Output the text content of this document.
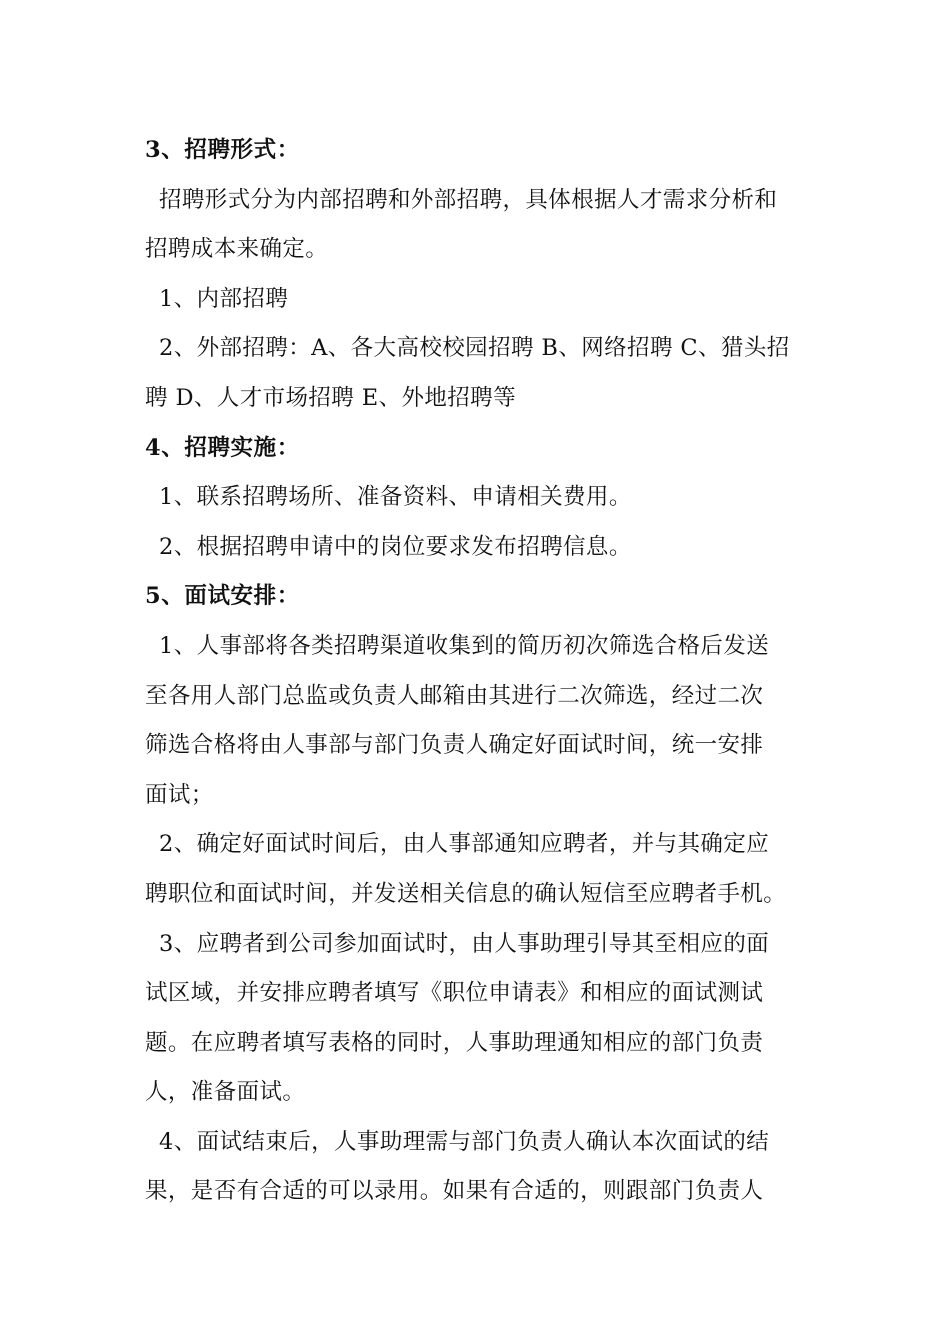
3、招聘形式：
招聘形式分为内部招聘和外部招聘，具体根据人才需求分析和
招聘成本来确定。
1、内部招聘
2、外部招聘：A、各大高校校园招聘 B、网络招聘 C、猎头招
聘 D、人才市场招聘 E、外地招聘等
4、招聘实施：
1、联系招聘场所、准备资料、申请相关费用。
2、根据招聘申请中的岗位要求发布招聘信息。
5、面试安排：
1、人事部将各类招聘渠道收集到的简历初次筛选合格后发送
至各用人部门总监或负责人邮箱由其进行二次筛选，经过二次
筛选合格将由人事部与部门负责人确定好面试时间，统一安排
面试；
2、确定好面试时间后，由人事部通知应聘者，并与其确定应
聘职位和面试时间，并发送相关信息的确认短信至应聘者手机。
3、应聘者到公司参加面试时，由人事助理引导其至相应的面
试区域，并安排应聘者填写《职位申请表》和相应的面试测试
题。在应聘者填写表格的同时，人事助理通知相应的部门负责
人，准备面试。
4、面试结束后，人事助理需与部门负责人确认本次面试的结
果，是否有合适的可以录用。如果有合适的，则跟部门负责人
